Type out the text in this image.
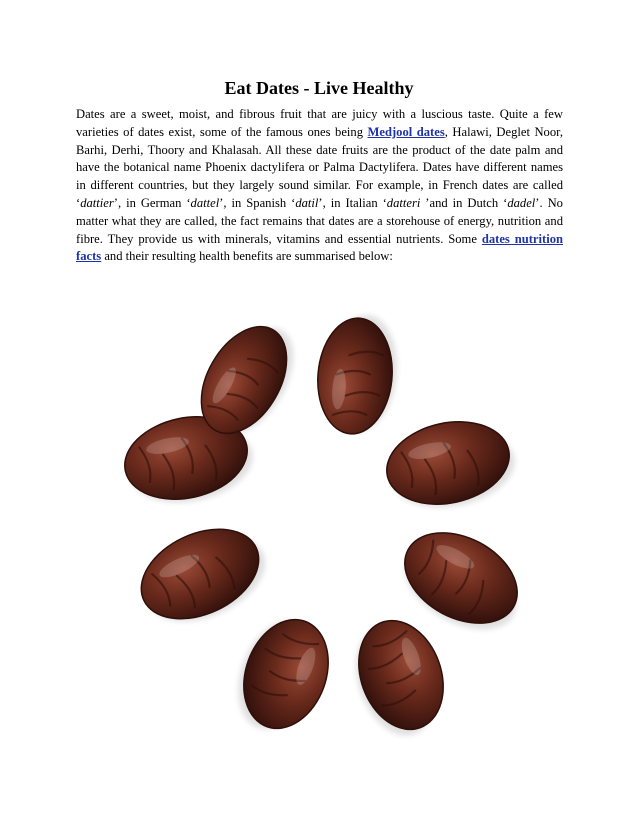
Eat Dates - Live Healthy

Dates are a sweet, moist, and fibrous fruit that are juicy with a luscious taste. Quite a few varieties of dates exist, some of the famous ones being Medjool dates, Halawi, Deglet Noor, Barhi, Derhi, Thoory and Khalasah. All these date fruits are the product of the date palm and have the botanical name Phoenix dactylifera or Palma Dactylifera. Dates have different names in different countries, but they largely sound similar. For example, in French dates are called ‘dattier’, in German ‘dattel’, in Spanish ‘datil’, in Italian ‘datteri ’and in Dutch ‘dadel’. No matter what they are called, the fact remains that dates are a storehouse of energy, nutrition and fibre. They provide us with minerals, vitamins and essential nutrients. Some dates nutrition facts and their resulting health benefits are summarised below:
